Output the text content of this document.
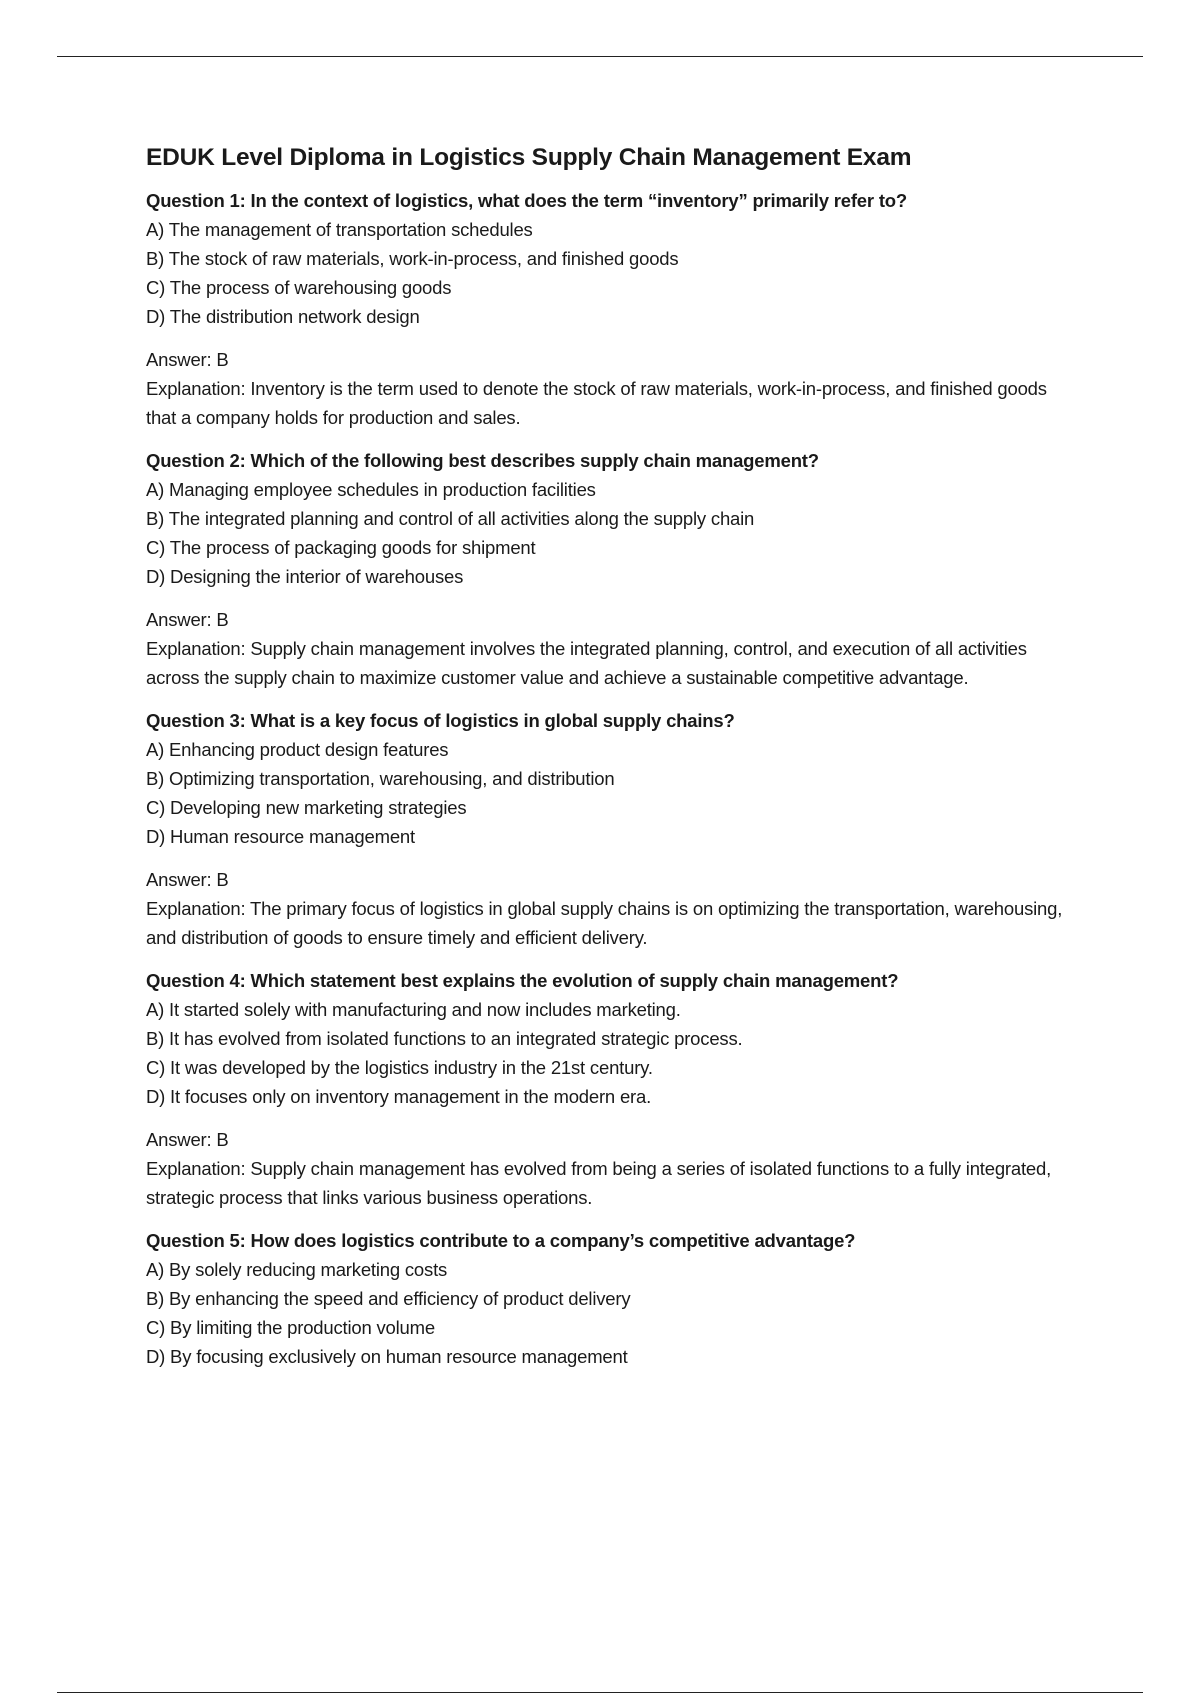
EDUK Level Diploma in Logistics Supply Chain Management Exam
Question 1: In the context of logistics, what does the term “inventory” primarily refer to?
A) The management of transportation schedules
B) The stock of raw materials, work-in-process, and finished goods
C) The process of warehousing goods
D) The distribution network design
Answer: B
Explanation: Inventory is the term used to denote the stock of raw materials, work-in-process, and finished goods that a company holds for production and sales.
Question 2: Which of the following best describes supply chain management?
A) Managing employee schedules in production facilities
B) The integrated planning and control of all activities along the supply chain
C) The process of packaging goods for shipment
D) Designing the interior of warehouses
Answer: B
Explanation: Supply chain management involves the integrated planning, control, and execution of all activities across the supply chain to maximize customer value and achieve a sustainable competitive advantage.
Question 3: What is a key focus of logistics in global supply chains?
A) Enhancing product design features
B) Optimizing transportation, warehousing, and distribution
C) Developing new marketing strategies
D) Human resource management
Answer: B
Explanation: The primary focus of logistics in global supply chains is on optimizing the transportation, warehousing, and distribution of goods to ensure timely and efficient delivery.
Question 4: Which statement best explains the evolution of supply chain management?
A) It started solely with manufacturing and now includes marketing.
B) It has evolved from isolated functions to an integrated strategic process.
C) It was developed by the logistics industry in the 21st century.
D) It focuses only on inventory management in the modern era.
Answer: B
Explanation: Supply chain management has evolved from being a series of isolated functions to a fully integrated, strategic process that links various business operations.
Question 5: How does logistics contribute to a company’s competitive advantage?
A) By solely reducing marketing costs
B) By enhancing the speed and efficiency of product delivery
C) By limiting the production volume
D) By focusing exclusively on human resource management
